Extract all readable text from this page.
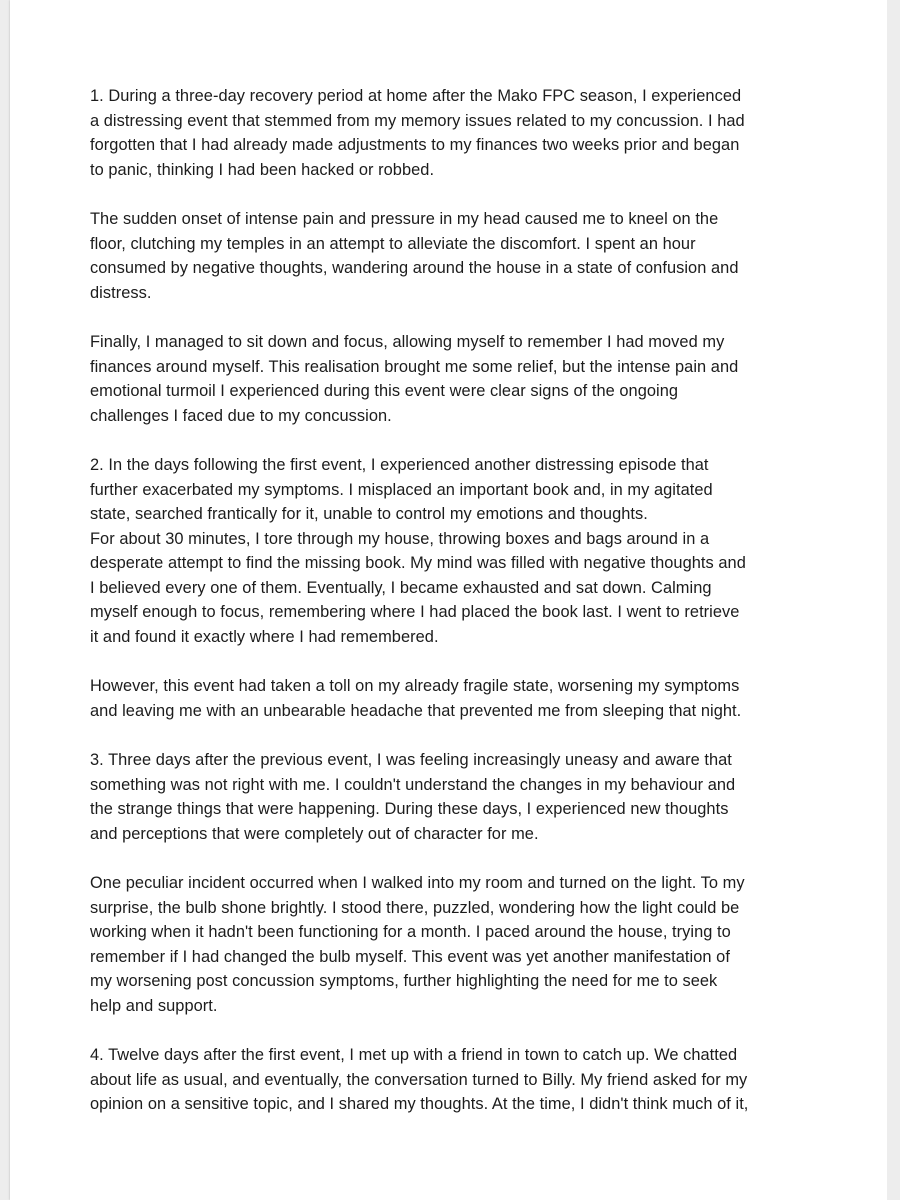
1. During a three-day recovery period at home after the Mako FPC season, I experienced
a distressing event that stemmed from my memory issues related to my concussion. I had
forgotten that I had already made adjustments to my finances two weeks prior and began
to panic, thinking I had been hacked or robbed.

The sudden onset of intense pain and pressure in my head caused me to kneel on the
floor, clutching my temples in an attempt to alleviate the discomfort. I spent an hour
consumed by negative thoughts, wandering around the house in a state of confusion and
distress.

Finally, I managed to sit down and focus, allowing myself to remember I had moved my
finances around myself. This realisation brought me some relief, but the intense pain and
emotional turmoil I experienced during this event were clear signs of the ongoing
challenges I faced due to my concussion.

2. In the days following the first event, I experienced another distressing episode that
further exacerbated my symptoms. I misplaced an important book and, in my agitated
state, searched frantically for it, unable to control my emotions and thoughts.

For about 30 minutes, I tore through my house, throwing boxes and bags around in a
desperate attempt to find the missing book. My mind was filled with negative thoughts and
I believed every one of them. Eventually, I became exhausted and sat down. Calming
myself enough to focus, remembering where I had placed the book last. I went to retrieve
it and found it exactly where I had remembered.

However, this event had taken a toll on my already fragile state, worsening my symptoms
and leaving me with an unbearable headache that prevented me from sleeping that night.

3. Three days after the previous event, I was feeling increasingly uneasy and aware that
something was not right with me. I couldn't understand the changes in my behaviour and
the strange things that were happening. During these days, I experienced new thoughts
and perceptions that were completely out of character for me.

One peculiar incident occurred when I walked into my room and turned on the light. To my
surprise, the bulb shone brightly. I stood there, puzzled, wondering how the light could be
working when it hadn't been functioning for a month. I paced around the house, trying to
remember if I had changed the bulb myself. This event was yet another manifestation of
my worsening post concussion symptoms, further highlighting the need for me to seek
help and support.

4. Twelve days after the first event, I met up with a friend in town to catch up. We chatted
about life as usual, and eventually, the conversation turned to Billy. My friend asked for my
opinion on a sensitive topic, and I shared my thoughts. At the time, I didn't think much of it,
